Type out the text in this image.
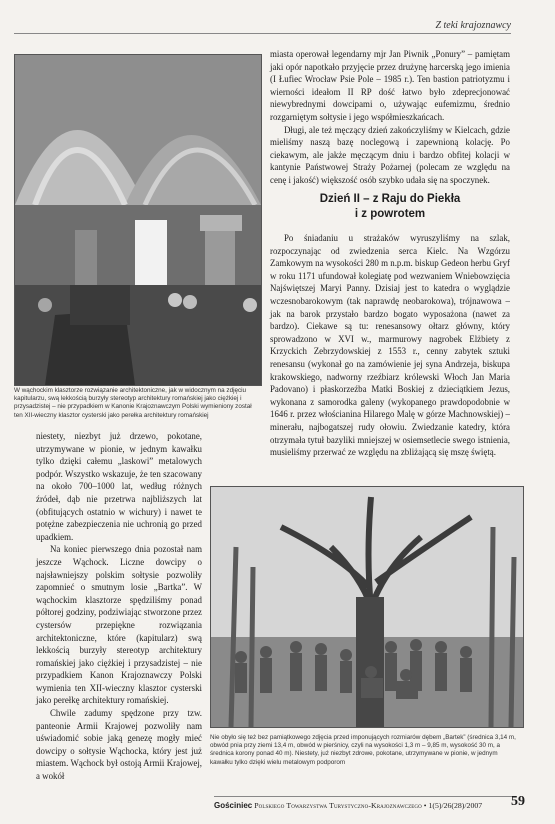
Z teki krajoznawcy
W wąchockim klasztorze rozwiązanie architektoniczne, jak w widocznym na zdjęciu kapitularzu, swą lekkością burzyły stereotyp architektury romańskiej jako ciężkiej i przysadzistej – nie przypadkiem w Kanonie Krajoznawczym Polski wymieniony został ten XII-wieczny klasztor cysterski jako perełka architektury romańskiej

miasta operował legendarny mjr Jan Piwnik „Ponury” – pamiętam jaki opór napotkało przyjęcie przez drużynę harcerską jego imienia (I Łufiec Wrocław Psie Pole – 1985 r.). Ten bastion patriotyzmu i wierności ideałom II RP dość łatwo było zdeprecjonować niewybrednymi dowcipami o, używając eufemizmu, średnio rozgarniętym sołtysie i jego współmieszkańcach.

Długi, ale też męczący dzień zakończyliśmy w Kielcach, gdzie mieliśmy naszą bazę noclegową i zapewnioną kolację. Po ciekawym, ale jakże męczącym dniu i bardzo obfitej kolacji w kantynie Państwowej Straży Pożarnej (polecam ze względu na cenę i jakość) większość osób szybko udała się na spoczynek.

Dzień II – z Raju do Piekła
i z powrotem

Po śniadaniu u strażaków wyruszyliśmy na szlak, rozpoczynając od zwiedzenia serca Kielc. Na Wzgórzu Zamkowym na wysokości 280 m n.p.m. biskup Gedeon herbu Gryf w roku 1171 ufundował kolegiatę pod wezwaniem Wniebowzięcia Najświętszej Maryi Panny. Dzisiaj jest to katedra o wyglądzie wczesnobarokowym (tak naprawdę neobarokowa), trójnawowa – jak na barok przystało bardzo bogato wyposażona (nawet za bardzo). Ciekawe są tu: renesansowy ołtarz główny, który sprowadzono w XVI w., marmurowy nagrobek Elżbiety z Krzyckich Zebrzydowskiej z 1553 r., cenny zabytek sztuki renesansu (wykonał go na zamówienie jej syna Andrzeja, biskupa krakowskiego, nadworny rzeźbiarz królewski Włoch Jan Maria Padovano) i płaskorzeźba Matki Boskiej z dzieciątkiem Jezus, wykonana z samorodka galeny (wykopanego prawdopodobnie w 1646 r. przez włościanina Hilarego Malę w górze Machnowskiej) – minerału, najbogatszej rudy ołowiu. Zwiedzanie katedry, która otrzymała tytuł bazyliki mniejszej w osiemsetlecie swego istnienia, musieliśmy przerwać ze względu na zbliżającą się mszę świętą.

niestety, niezbyt już drzewo, pokotane, utrzymywane w pionie, w jednym kawałku tylko dzięki całemu „laskowi” metalowych podpór. Wszystko wskazuje, że ten szacowany na około 700–1000 lat, według różnych źródeł, dąb nie przetrwa najbliższych lat (obfitujących ostatnio w wichury) i nawet te potężne zabezpieczenia nie uchronią go przed upadkiem.

Na koniec pierwszego dnia pozostał nam jeszcze Wąchock. Liczne dowcipy o najsławniejszy polskim sołtysie pozwoliły zapomnieć o smutnym losie „Bartka”. W wąchockim klasztorze spędziliśmy ponad półtorej godziny, podziwiając stworzone przez cystersów przepiękne rozwiązania architektoniczne, które (kapitularz) swą lekkością burzyły stereotyp architektury romańskiej jako ciężkiej i przysadzistej – nie przypadkiem Kanon Krajoznawczy Polski wymienia ten XII-wieczny klasztor cysterski jako perełkę architektury romańskiej.

Chwile zadumy spędzone przy tzw. panteonie Armii Krajowej pozwoliły nam uświadomić sobie jaką genezę mogły mieć dowcipy o sołtysie Wąchocka, który jest już miastem. Wąchock był ostoją Armii Krajowej, a wokół

Nie obyło się też bez pamiątkowego zdjęcia przed imponujących rozmiarów dębem „Bartek” (średnica 3,14 m, obwód pnia przy ziemi 13,4 m, obwód w pierśnicy, czyli na wysokości 1,3 m – 9,85 m, wysokość 30 m, a średnica korony ponad 40 m). Niestety, już niezbyt zdrowe, pokotane, utrzymywane w pionie, w jednym kawałku tylko dzięki wielu metalowym podporom
Gościniec Polskiego Towarzystwa Turystyczno-Krajoznawczego • 1(5)/26(28)/2007 59
